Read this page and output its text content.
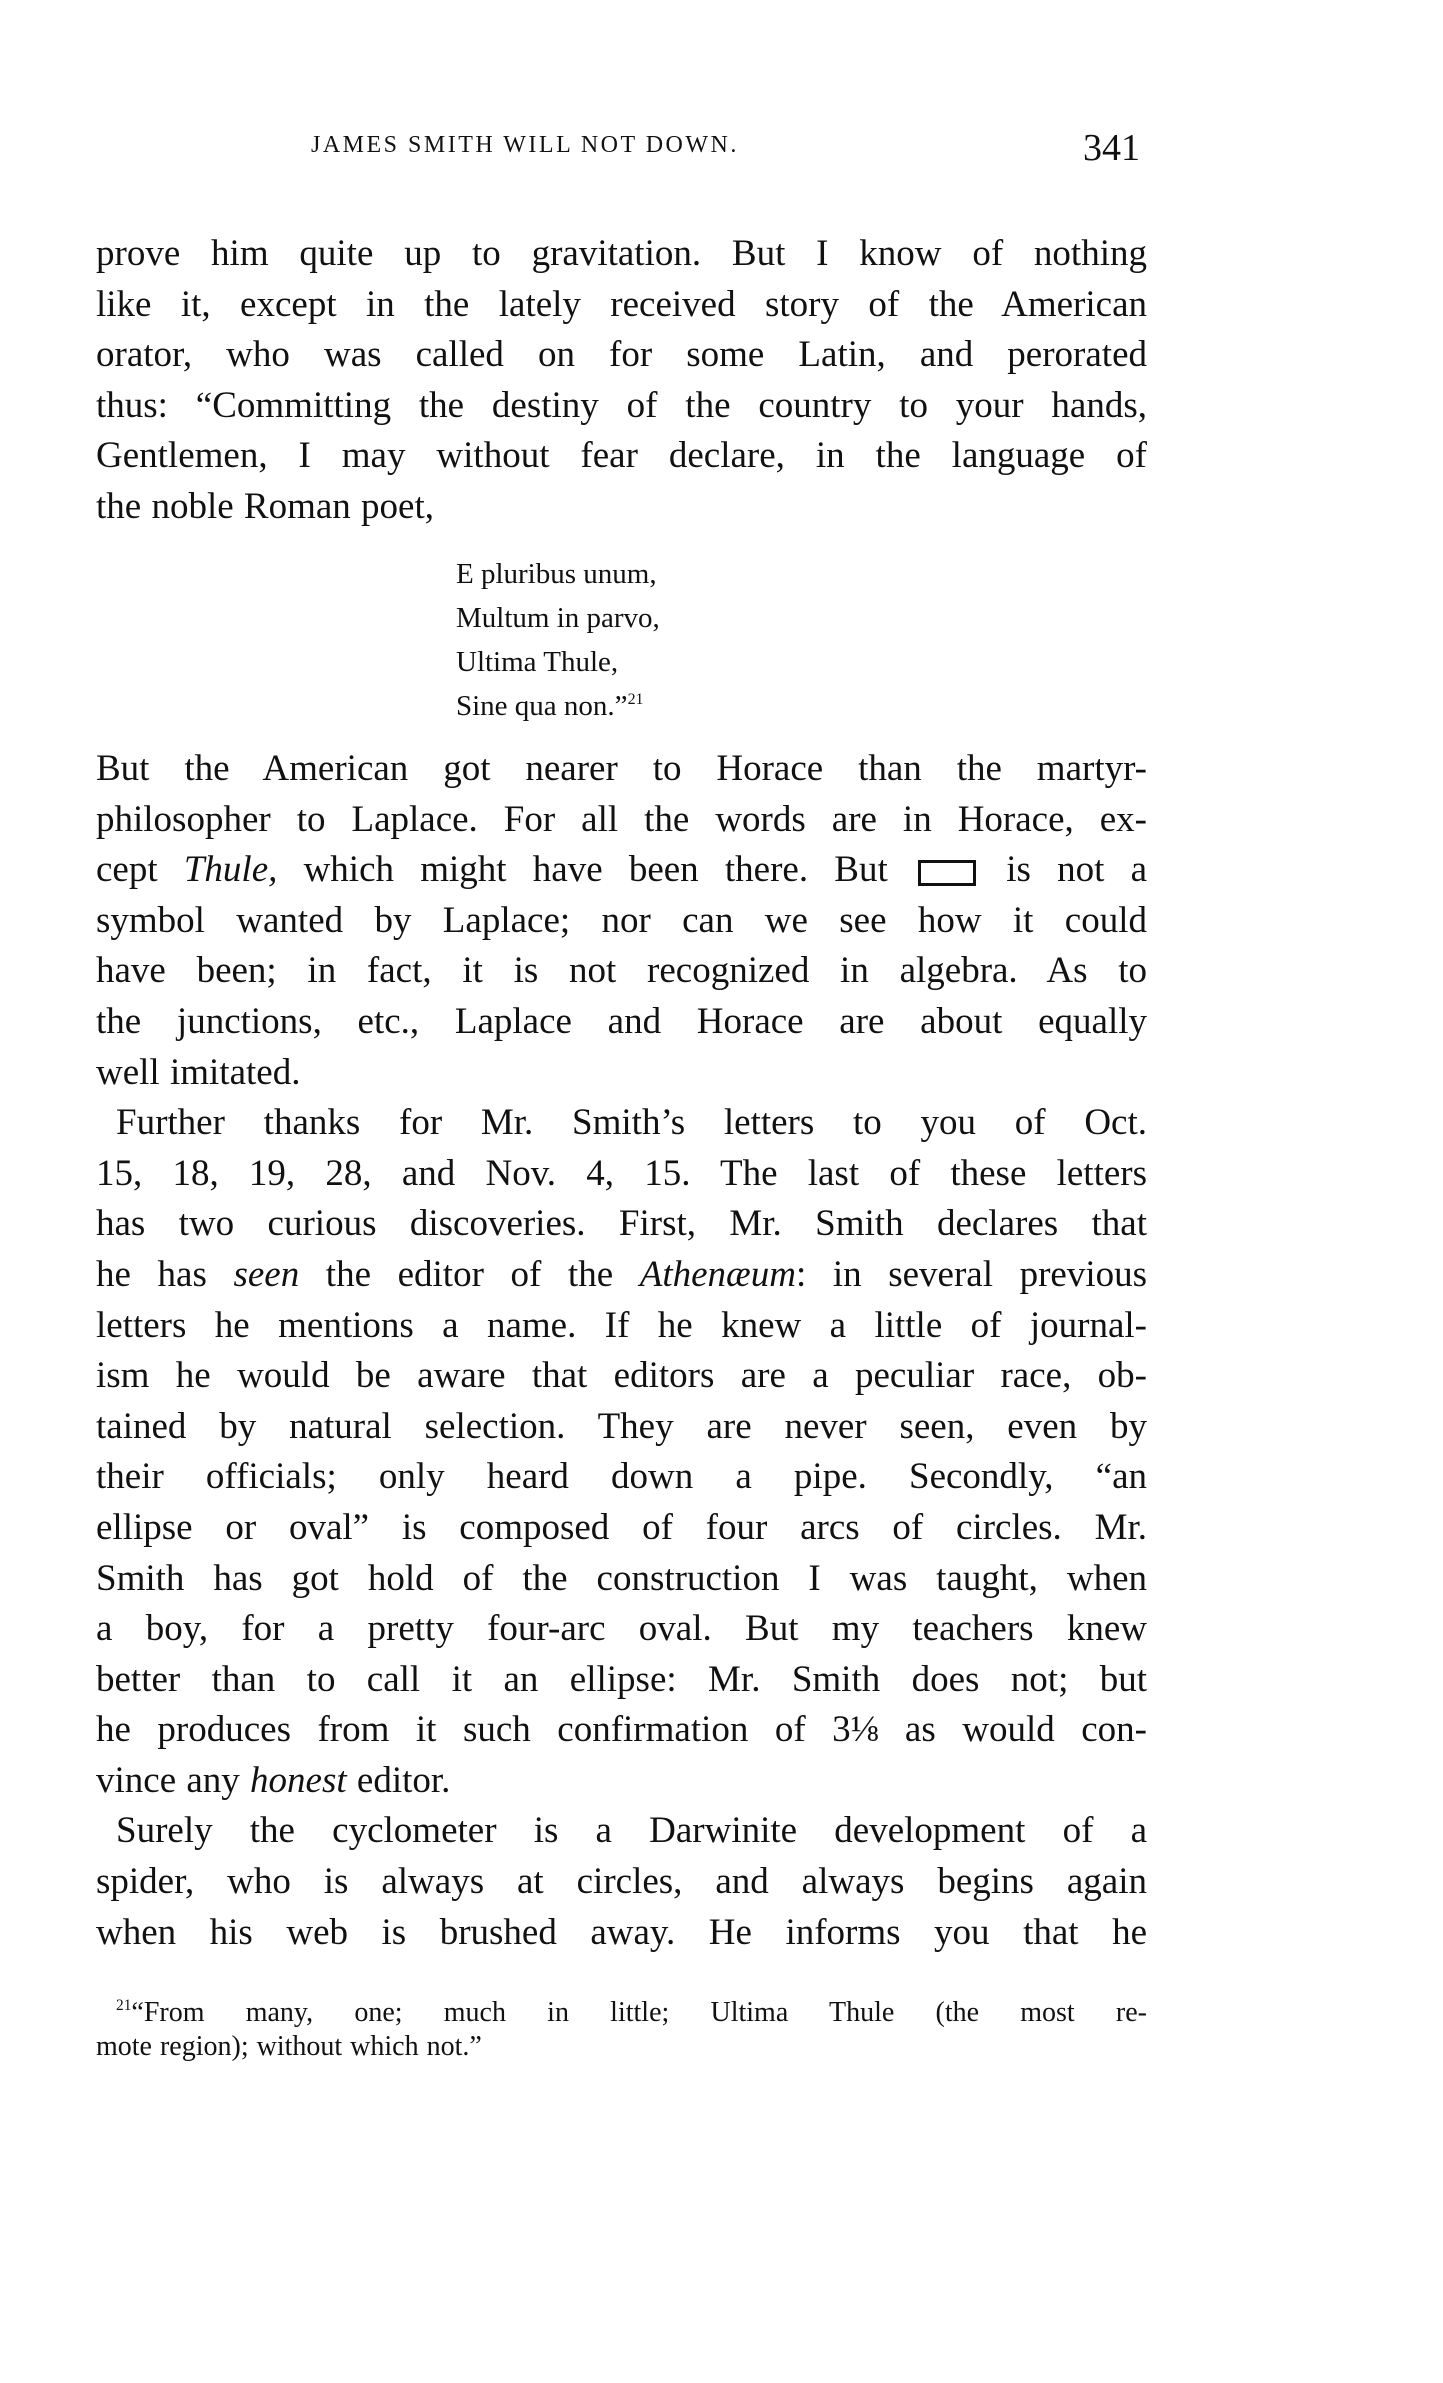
JAMES SMITH WILL NOT DOWN.	341
prove him quite up to gravitation. But I know of nothing
like it, except in the lately received story of the American
orator, who was called on for some Latin, and perorated
thus: “Committing the destiny of the country to your hands,
Gentlemen, I may without fear declare, in the language of
the noble Roman poet,
E pluribus unum,
Multum in parvo,
Ultima Thule,
Sine qua non.”$^{21}$
But the American got nearer to Horace than the martyr-
philosopher to Laplace. For all the words are in Horace, ex-
cept Thule, which might have been there. But  is not a
symbol wanted by Laplace; nor can we see how it could
have been; in fact, it is not recognized in algebra. As to
the junctions, etc., Laplace and Horace are about equally
well imitated.
Further thanks for Mr. Smith’s letters to you of Oct.
15, 18, 19, 28, and Nov. 4, 15. The last of these letters
has two curious discoveries. First, Mr. Smith declares that
he has seen the editor of the Athenæum: in several previous
letters he mentions a name. If he knew a little of journal-
ism he would be aware that editors are a peculiar race, ob-
tained by natural selection. They are never seen, even by
their officials; only heard down a pipe. Secondly, “an
ellipse or oval” is composed of four arcs of circles. Mr.
Smith has got hold of the construction I was taught, when
a boy, for a pretty four-arc oval. But my teachers knew
better than to call it an ellipse: Mr. Smith does not; but
he produces from it such confirmation of 3⅛ as would con-
vince any honest editor.
Surely the cyclometer is a Darwinite development of a
spider, who is always at circles, and always begins again
when his web is brushed away. He informs you that he
$^{21}$“From many, one; much in little; Ultima Thule (the most re-
mote region); without which not.”
